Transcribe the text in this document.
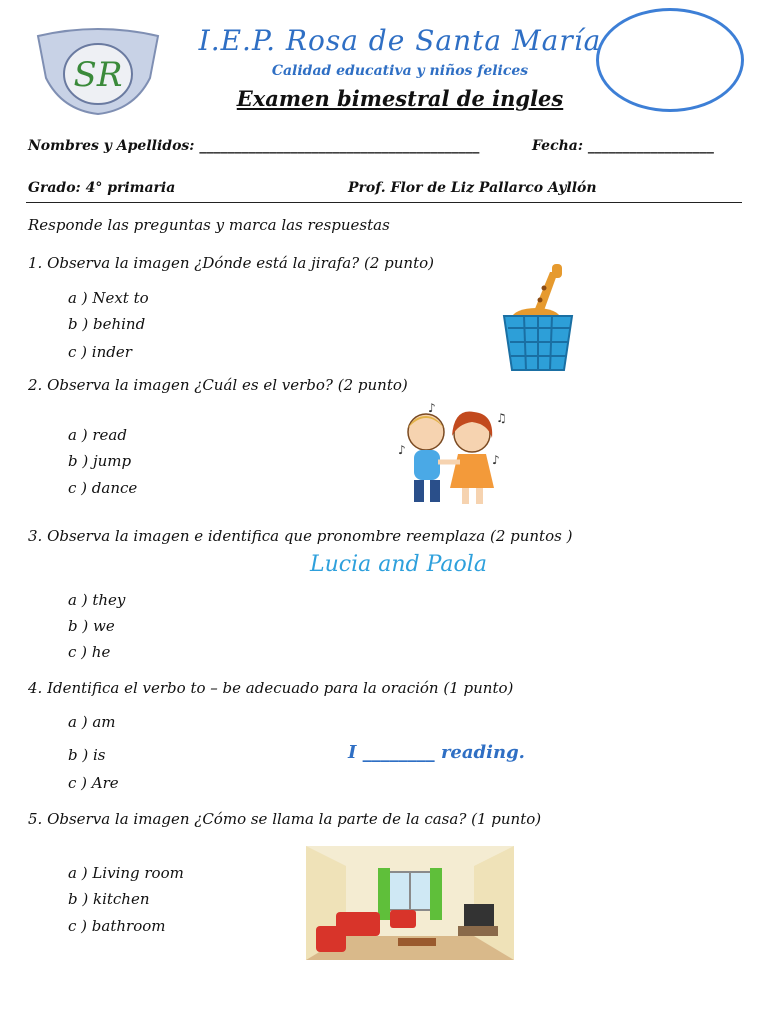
SR
I.E.P. Rosa de Santa María
Calidad educativa y niños felices
Examen bimestral de ingles
Nombres y Apellidos: ________________________________________	Fecha: __________________
Grado: 4° primaria	Prof. Flor de Liz Pallarco Ayllón
Responde las preguntas y marca las respuestas
1. Observa la imagen ¿Dónde está la jirafa? (2 punto)
a ) Next to
b ) behind
c ) inder
2. Observa la imagen ¿Cuál es el verbo? (2 punto)
a ) read
b ) jump
c ) dance
♪
♫
♪
♪
3. Observa la imagen e identifica que pronombre reemplaza (2 puntos )
Lucia and Paola
a ) they
b ) we
c ) he
4. Identifica el verbo to – be adecuado para la oración (1 punto)
a ) am
b ) is
c ) Are
I ________ reading.
5. Observa la imagen ¿Cómo se llama la parte de la casa? (1 punto)
a ) Living room
b ) kitchen
c ) bathroom
